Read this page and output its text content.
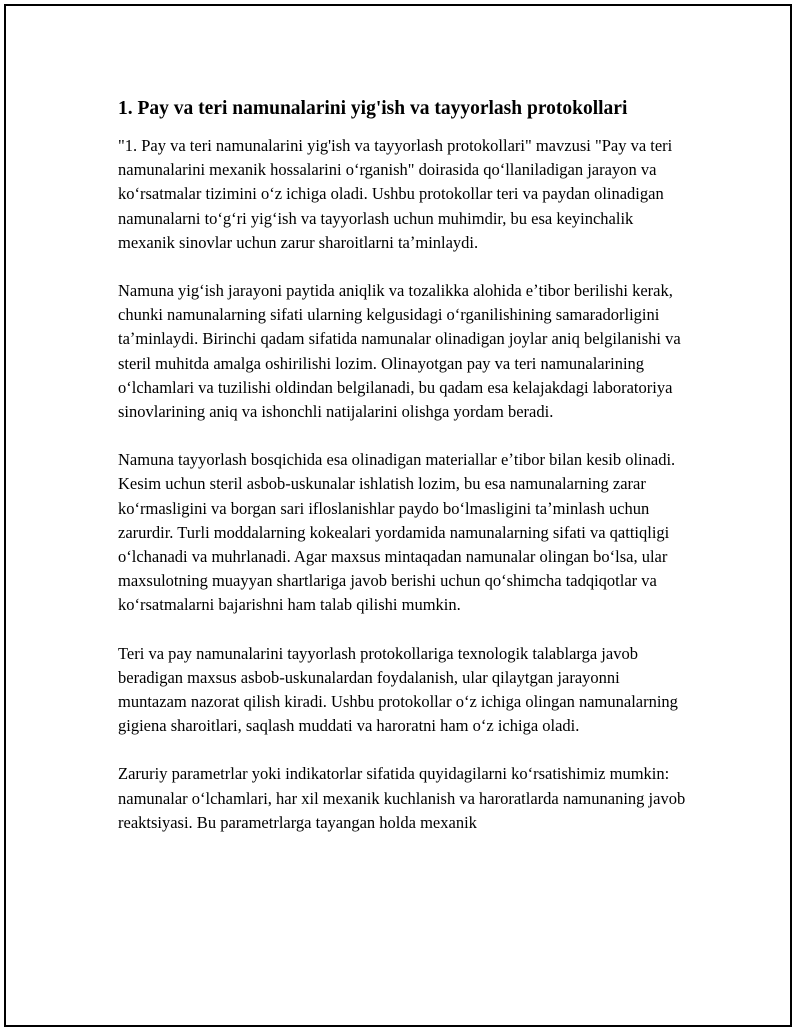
1. Pay va teri namunalarini yig'ish va tayyorlash protokollari

"1. Pay va teri namunalarini yig'ish va tayyorlash protokollari" mavzusi "Pay va teri namunalarini mexanik hossalarini oʻrganish" doirasida qoʻllaniladigan jarayon va koʻrsatmalar tizimini oʻz ichiga oladi. Ushbu protokollar teri va paydan olinadigan namunalarni toʻgʻri yigʻish va tayyorlash uchun muhimdir, bu esa keyinchalik mexanik sinovlar uchun zarur sharoitlarni taʼminlaydi.

Namuna yigʻish jarayoni paytida aniqlik va tozalikka alohida eʼtibor berilishi kerak, chunki namunalarning sifati ularning kelgusidagi oʻrganilishining samaradorligini taʼminlaydi. Birinchi qadam sifatida namunalar olinadigan joylar aniq belgilanishi va steril muhitda amalga oshirilishi lozim. Olinayotgan pay va teri namunalarining oʻlchamlari va tuzilishi oldindan belgilanadi, bu qadam esa kelajakdagi laboratoriya sinovlarining aniq va ishonchli natijalarini olishga yordam beradi.

Namuna tayyorlash bosqichida esa olinadigan materiallar eʼtibor bilan kesib olinadi. Kesim uchun steril asbob-uskunalar ishlatish lozim, bu esa namunalarning zarar koʻrmasligini va borgan sari ifloslanishlar paydo boʻlmasligini taʼminlash uchun zarurdir. Turli moddalarning kokealari yordamida namunalarning sifati va qattiqligi oʻlchanadi va muhrlanadi. Agar maxsus mintaqadan namunalar olingan boʻlsa, ular maxsulotning muayyan shartlariga javob berishi uchun qoʻshimcha tadqiqotlar va koʻrsatmalarni bajarishni ham talab qilishi mumkin.

Teri va pay namunalarini tayyorlash protokollariga texnologik talablarga javob beradigan maxsus asbob-uskunalardan foydalanish, ular qilaytgan jarayonni muntazam nazorat qilish kiradi. Ushbu protokollar oʻz ichiga olingan namunalarning gigiena sharoitlari, saqlash muddati va haroratni ham oʻz ichiga oladi.

Zaruriy parametrlar yoki indikatorlar sifatida quyidagilarni koʻrsatishimiz mumkin: namunalar oʻlchamlari, har xil mexanik kuchlanish va haroratlarda namunaning javob reaktsiyasi. Bu parametrlarga tayangan holda mexanik
